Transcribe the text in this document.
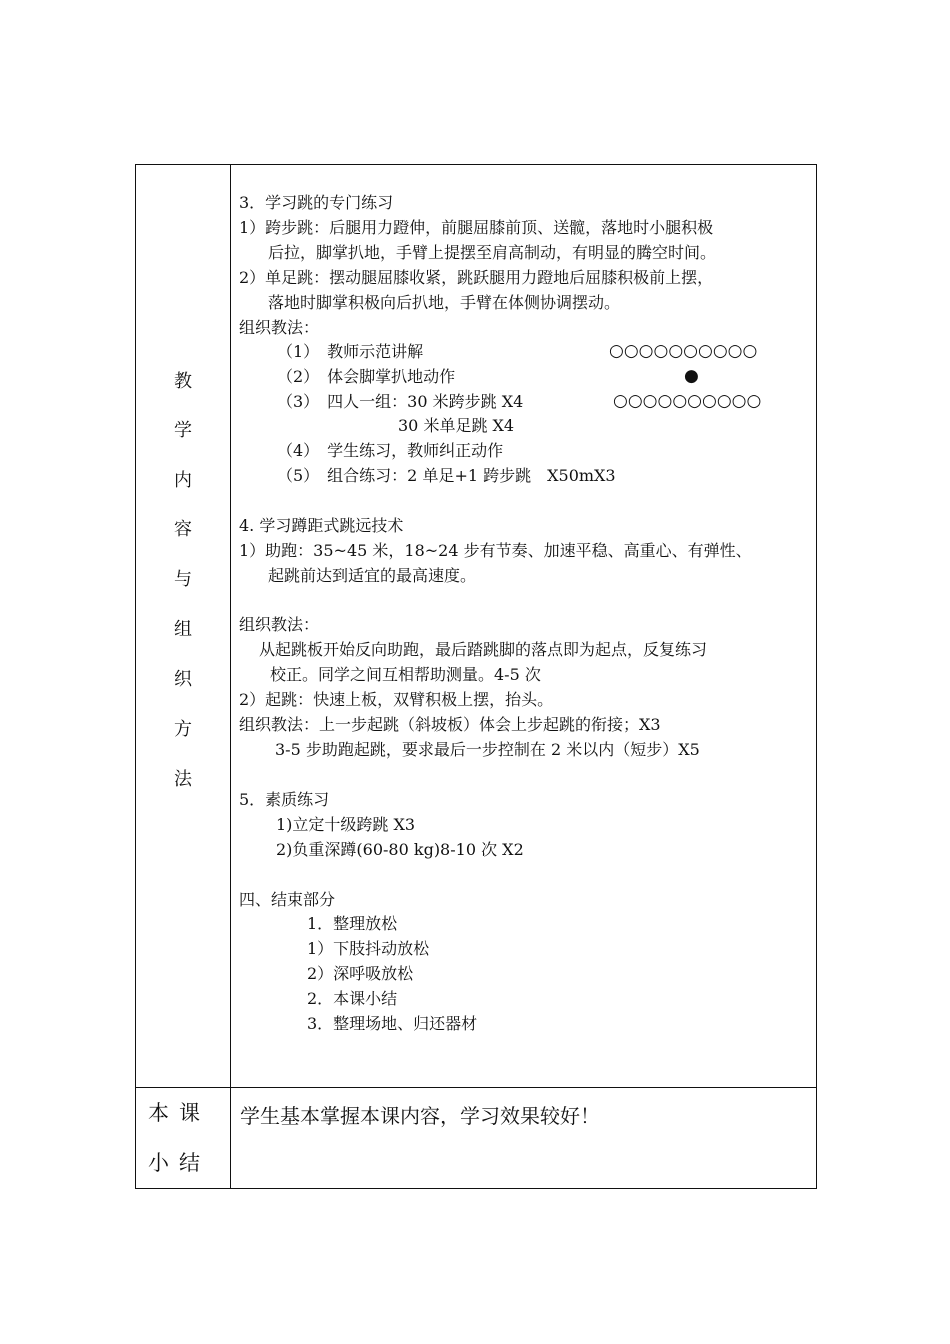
教
学
内
容
与
组
织
方
法
3．学习跳的专门练习
1）跨步跳：后腿用力蹬伸，前腿屈膝前顶、送髋，落地时小腿积极
后拉，脚掌扒地，手臂上提摆至肩高制动，有明显的腾空时间。
2）单足跳：摆动腿屈膝收紧，跳跃腿用力蹬地后屈膝积极前上摆，
落地时脚掌积极向后扒地，手臂在体侧协调摆动。
组织教法：
（1）　教师示范讲解
（2）　体会脚掌扒地动作
（3）　四人一组：30 米跨步跳 X4
30 米单足跳 X4
（4）　学生练习，教师纠正动作
（5）　组合练习：2 单足+1 跨步跳　X50mX3
○○○○○○○○○○
●
○○○○○○○○○○
4. 学习蹲距式跳远技术
1）助跑：35~45 米，18~24 步有节奏、加速平稳、高重心、有弹性、
起跳前达到适宜的最高速度。
组织教法：
从起跳板开始反向助跑，最后踏跳脚的落点即为起点，反复练习
校正。同学之间互相帮助测量。4-5 次
2）起跳：快速上板，双臂积极上摆，抬头。
组织教法：上一步起跳（斜坡板）体会上步起跳的衔接；X3
3-5 步助跑起跳，要求最后一步控制在 2 米以内（短步）X5
5．素质练习
1)立定十级跨跳 X3
2)负重深蹲(60-80 kg)8-10 次 X2
四、结束部分
1．整理放松
1）下肢抖动放松
2）深呼吸放松
2．本课小结
3．整理场地、归还器材
本课
小结
学生基本掌握本课内容，学习效果较好！
